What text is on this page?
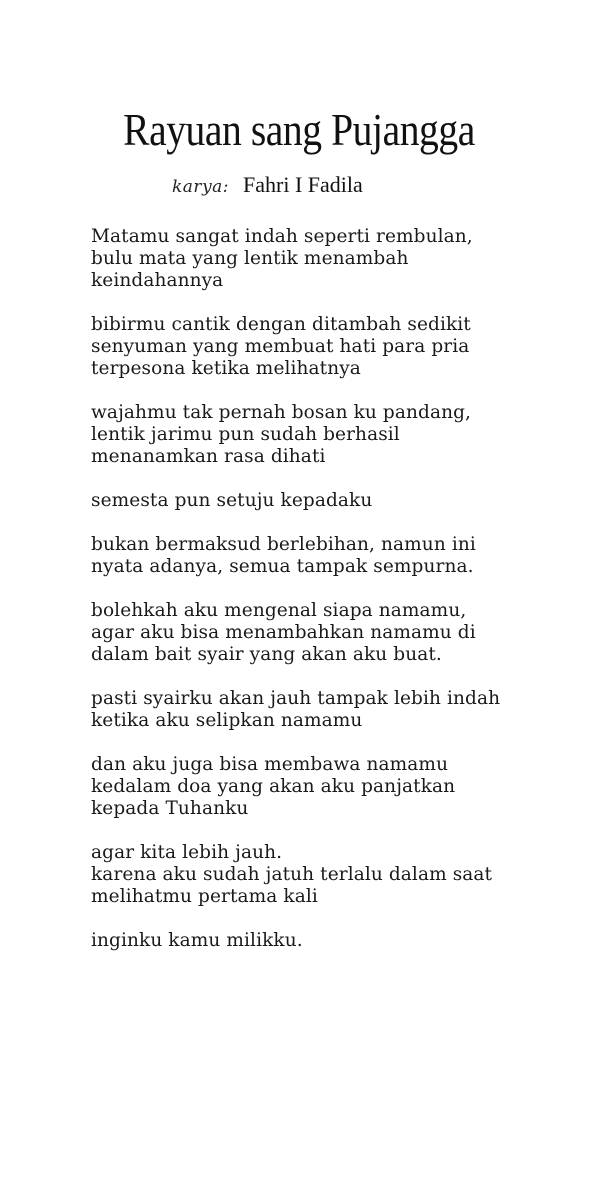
Rayuan sang Pujangga
karya: Fahri I Fadila
Matamu sangat indah seperti rembulan,
bulu mata yang lentik menambah
keindahannya
bibirmu cantik dengan ditambah sedikit
senyuman yang membuat hati para pria
terpesona ketika melihatnya
wajahmu tak pernah bosan ku pandang,
lentik jarimu pun sudah berhasil
menanamkan rasa dihati
semesta pun setuju kepadaku
bukan bermaksud berlebihan, namun ini
nyata adanya, semua tampak sempurna.
bolehkah aku mengenal siapa namamu,
agar aku bisa menambahkan namamu di
dalam bait syair yang akan aku buat.
pasti syairku akan jauh tampak lebih indah
ketika aku selipkan namamu
dan aku juga bisa membawa namamu
kedalam doa yang akan aku panjatkan
kepada Tuhanku
agar kita lebih jauh.
karena aku sudah jatuh terlalu dalam saat
melihatmu pertama kali
inginku kamu milikku.
